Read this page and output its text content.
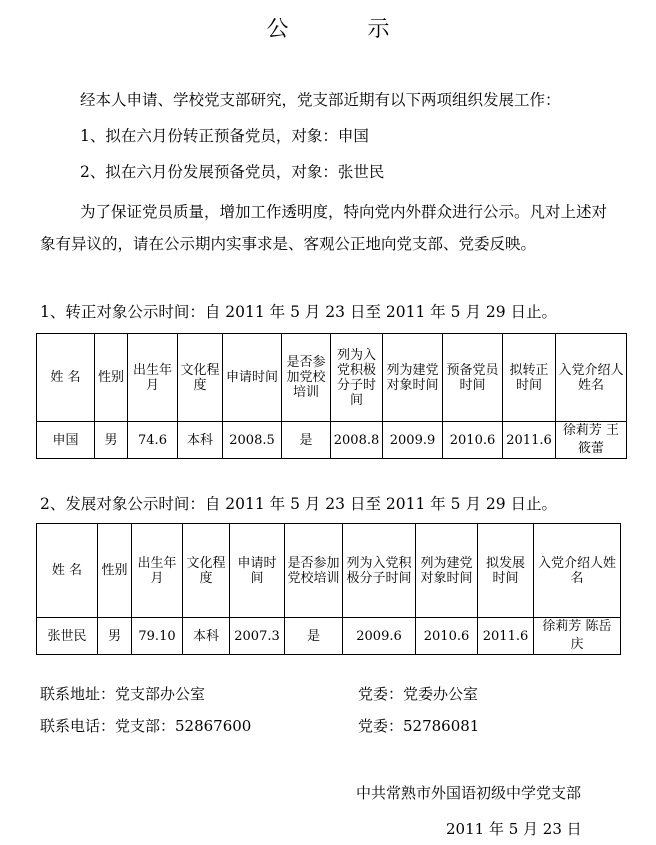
公 示

经本人申请、学校党支部研究，党支部近期有以下两项组织发展工作：

1、拟在六月份转正预备党员，对象：申国

2、拟在六月份发展预备党员，对象：张世民

为了保证党员质量，增加工作透明度，特向党内外群众进行公示。凡对上述对象有异议的，请在公示期内实事求是、客观公正地向党支部、党委反映。

1、转正对象公示时间：自 2011 年 5 月 23 日至 2011 年 5 月 29 日止。
姓 名	性别	出生年月	文化程度	申请时间	是否参加党校培训	列为入党积极分子时间	列为建党对象时间	预备党员时间	拟转正时间	入党介绍人姓名
申国	男	74.6	本科	2008.5	是	2008.8	2009.9	2010.6	2011.6	徐莉芳 王筱蕾
2、发展对象公示时间：自 2011 年 5 月 23 日至 2011 年 5 月 29 日止。
姓 名	性别	出生年月	文化程度	申请时间	是否参加党校培训	列为入党积极分子时间	列为建党对象时间	拟发展时间	入党介绍人姓名
张世民	男	79.10	本科	2007.3	是	2009.6	2010.6	2011.6	徐莉芳 陈岳庆
联系地址：党支部办公室	党委：党委办公室
联系电话：党支部：52867600	党委：52786081
中共常熟市外国语初级中学党支部
2011 年 5 月 23 日
